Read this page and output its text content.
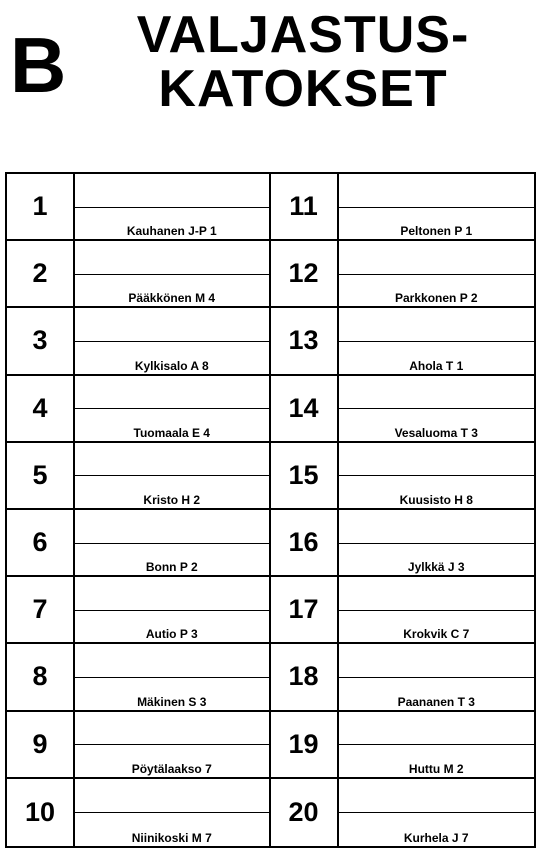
B	VALJASTUS-
KATOKSET
1
Kauhanen J-P 1
11
Peltonen P 1
2
Pääkkönen M 4
12
Parkkonen P 2
3
Kylkisalo A 8
13
Ahola T 1
4
Tuomaala E 4
14
Vesaluoma T 3
5
Kristo H 2
15
Kuusisto H 8
6
Bonn P 2
16
Jylkkä J 3
7
Autio P 3
17
Krokvik C 7
8
Mäkinen S 3
18
Paananen T 3
9
Pöytälaakso 7
19
Huttu M 2
10
Niinikoski M 7
20
Kurhela J 7
